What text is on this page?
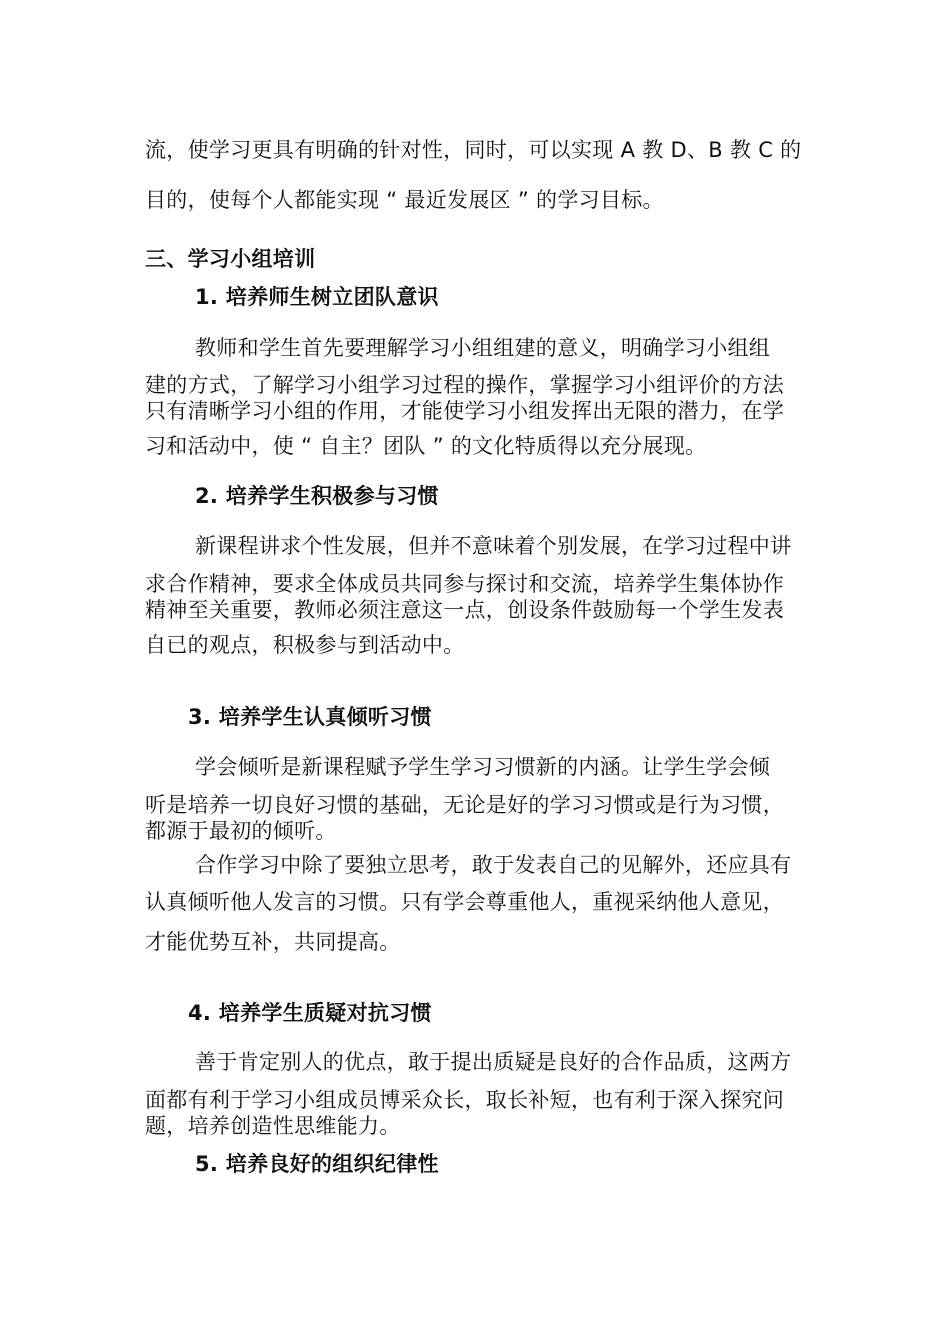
流，使学习更具有明确的针对性，同时，可以实现 A 教 D、B 教 C 的
目的，使每个人都能实现 “ 最近发展区 ” 的学习目标。
三、学习小组培训
1. 培养师生树立团队意识
教师和学生首先要理解学习小组组建的意义，明确学习小组组
建的方式，了解学习小组学习过程的操作，掌握学习小组评价的方法
只有清晰学习小组的作用，才能使学习小组发挥出无限的潜力，在学
习和活动中，使 “ 自主？团队 ” 的文化特质得以充分展现。
2. 培养学生积极参与习惯
新课程讲求个性发展，但并不意味着个别发展，在学习过程中讲
求合作精神，要求全体成员共同参与探讨和交流，培养学生集体协作
精神至关重要，教师必须注意这一点，创设条件鼓励每一个学生发表
自已的观点，积极参与到活动中。
3. 培养学生认真倾听习惯
学会倾听是新课程赋予学生学习习惯新的内涵。让学生学会倾
听是培养一切良好习惯的基础，无论是好的学习习惯或是行为习惯，
都源于最初的倾听。
合作学习中除了要独立思考，敢于发表自己的见解外，还应具有
认真倾听他人发言的习惯。只有学会尊重他人，重视采纳他人意见，
才能优势互补，共同提高。
4. 培养学生质疑对抗习惯
善于肯定别人的优点，敢于提出质疑是良好的合作品质，这两方
面都有利于学习小组成员博采众长，取长补短，也有利于深入探究问
题，培养创造性思维能力。
5. 培养良好的组织纪律性
